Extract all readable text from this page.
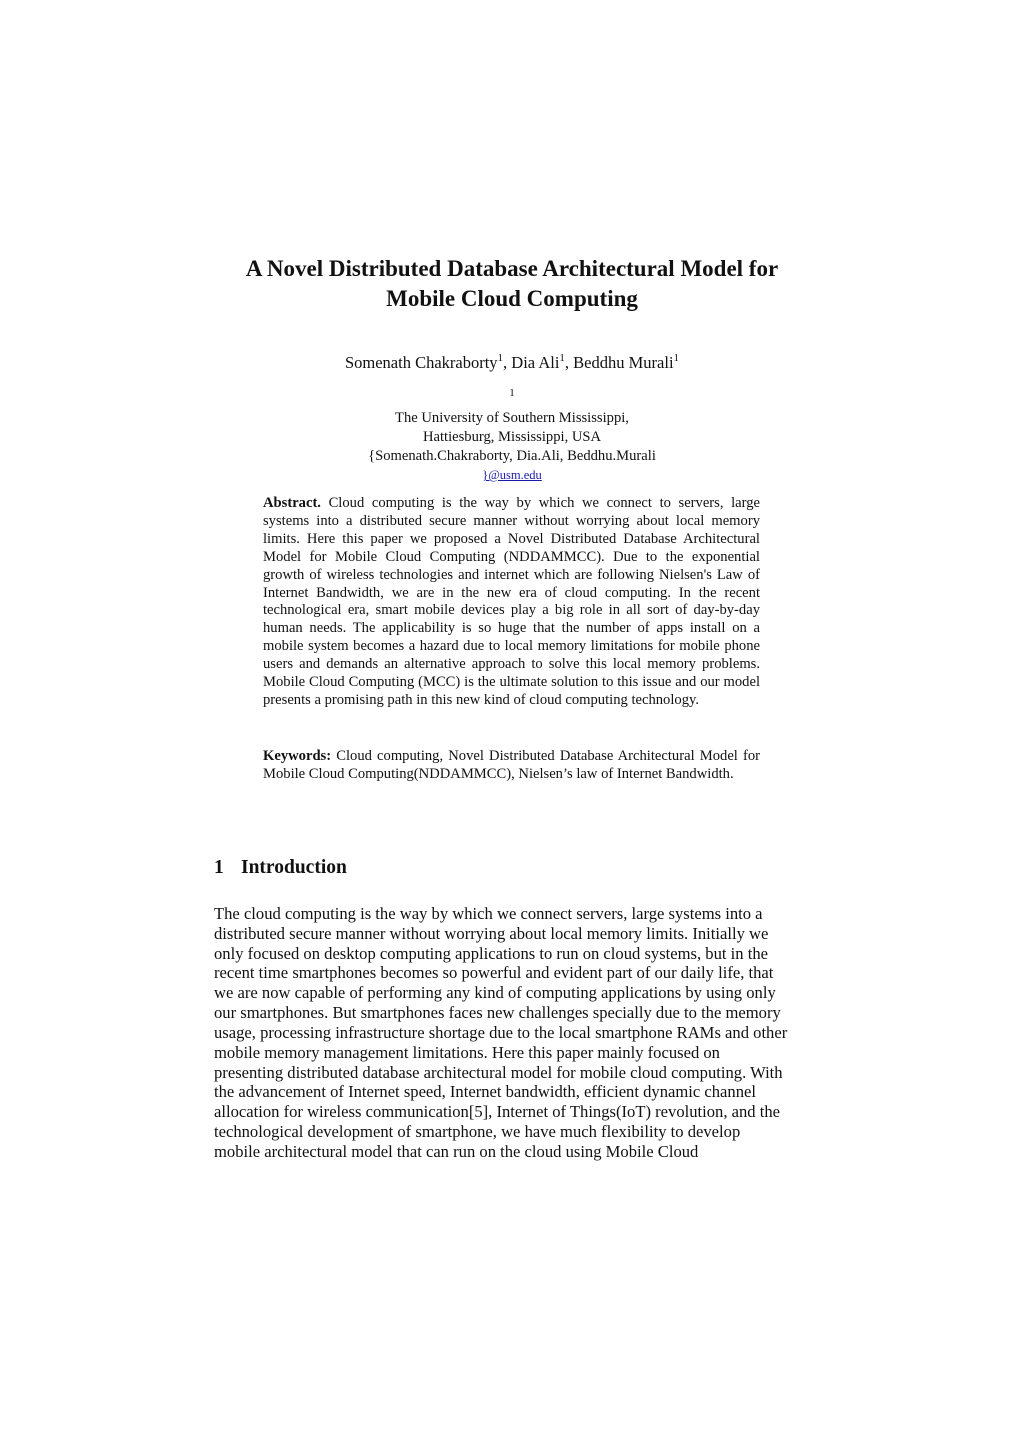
A Novel Distributed Database Architectural Model for
Mobile Cloud Computing

Somenath Chakraborty$^1$, Dia Ali$^1$, Beddhu Murali$^1$

$^1$
The University of Southern Mississippi,
Hattiesburg, Mississippi, USA
{Somenath.Chakraborty, Dia.Ali, Beddhu.Murali
}@usm.edu

Abstract. Cloud computing is the way by which we connect to servers, large systems into a distributed secure manner without worrying about local memory limits. Here this paper we proposed a Novel Distributed Database Architectural Model for Mobile Cloud Computing (NDDAMMCC). Due to the exponential growth of wireless technologies and internet which are following Nielsen's Law of Internet Bandwidth, we are in the new era of cloud computing. In the recent technological era, smart mobile devices play a big role in all sort of day-by-day human needs. The applicability is so huge that the number of apps install on a mobile system becomes a hazard due to local memory limitations for mobile phone users and demands an alternative approach to solve this local memory problems. Mobile Cloud Computing (MCC) is the ultimate solution to this issue and our model presents a promising path in this new kind of cloud computing technology.

Keywords: Cloud computing, Novel Distributed Database Architectural Model for Mobile Cloud Computing(NDDAMMCC), Nielsen’s law of Internet Bandwidth.

1 Introduction

The cloud computing is the way by which we connect servers, large systems into a
distributed secure manner without worrying about local memory limits. Initially we
only focused on desktop computing applications to run on cloud systems, but in the
recent time smartphones becomes so powerful and evident part of our daily life, that
we are now capable of performing any kind of computing applications by using only
our smartphones. But smartphones faces new challenges specially due to the memory
usage, processing infrastructure shortage due to the local smartphone RAMs and other
mobile memory management limitations. Here this paper mainly focused on
presenting distributed database architectural model for mobile cloud computing. With
the advancement of Internet speed, Internet bandwidth, efficient dynamic channel
allocation for wireless communication[5], Internet of Things(IoT) revolution, and the
technological development of smartphone, we have much flexibility to develop
mobile architectural model that can run on the cloud using Mobile Cloud
